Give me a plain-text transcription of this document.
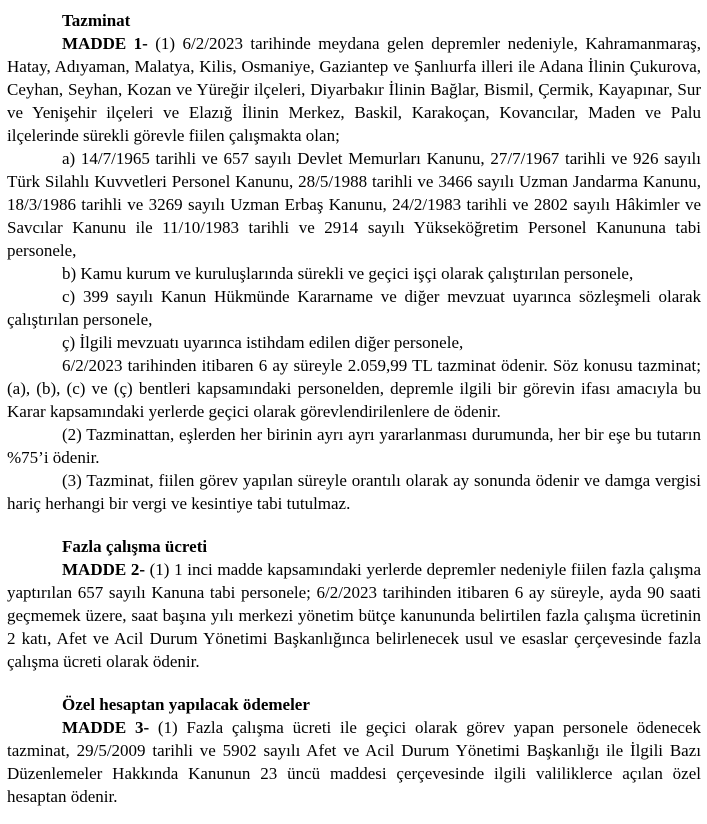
Tazminat

MADDE 1- (1) 6/2/2023 tarihinde meydana gelen depremler nedeniyle, Kahramanmaraş, Hatay, Adıyaman, Malatya, Kilis, Osmaniye, Gaziantep ve Şanlıurfa illeri ile Adana İlinin Çukurova, Ceyhan, Seyhan, Kozan ve Yüreğir ilçeleri, Diyarbakır İlinin Bağlar, Bismil, Çermik, Kayapınar, Sur ve Yenişehir ilçeleri ve Elazığ İlinin Merkez, Baskil, Karakoçan, Kovancılar, Maden ve Palu ilçelerinde sürekli görevle fiilen çalışmakta olan;

a) 14/7/1965 tarihli ve 657 sayılı Devlet Memurları Kanunu, 27/7/1967 tarihli ve 926 sayılı Türk Silahlı Kuvvetleri Personel Kanunu, 28/5/1988 tarihli ve 3466 sayılı Uzman Jandarma Kanunu, 18/3/1986 tarihli ve 3269 sayılı Uzman Erbaş Kanunu, 24/2/1983 tarihli ve 2802 sayılı Hâkimler ve Savcılar Kanunu ile 11/10/1983 tarihli ve 2914 sayılı Yükseköğretim Personel Kanununa tabi personele,

b) Kamu kurum ve kuruluşlarında sürekli ve geçici işçi olarak çalıştırılan personele,

c) 399 sayılı Kanun Hükmünde Kararname ve diğer mevzuat uyarınca sözleşmeli olarak çalıştırılan personele,

ç) İlgili mevzuatı uyarınca istihdam edilen diğer personele,

6/2/2023 tarihinden itibaren 6 ay süreyle 2.059,99 TL tazminat ödenir. Söz konusu tazminat; (a), (b), (c) ve (ç) bentleri kapsamındaki personelden, depremle ilgili bir görevin ifası amacıyla bu Karar kapsamındaki yerlerde geçici olarak görevlendirilenlere de ödenir.

(2) Tazminattan, eşlerden her birinin ayrı ayrı yararlanması durumunda, her bir eşe bu tutarın %75’i ödenir.

(3) Tazminat, fiilen görev yapılan süreyle orantılı olarak ay sonunda ödenir ve damga vergisi hariç herhangi bir vergi ve kesintiye tabi tutulmaz.

Fazla çalışma ücreti

MADDE 2- (1) 1 inci madde kapsamındaki yerlerde depremler nedeniyle fiilen fazla çalışma yaptırılan 657 sayılı Kanuna tabi personele; 6/2/2023 tarihinden itibaren 6 ay süreyle, ayda 90 saati geçmemek üzere, saat başına yılı merkezi yönetim bütçe kanununda belirtilen fazla çalışma ücretinin 2 katı, Afet ve Acil Durum Yönetimi Başkanlığınca belirlenecek usul ve esaslar çerçevesinde fazla çalışma ücreti olarak ödenir.

Özel hesaptan yapılacak ödemeler

MADDE 3- (1) Fazla çalışma ücreti ile geçici olarak görev yapan personele ödenecek tazminat, 29/5/2009 tarihli ve 5902 sayılı Afet ve Acil Durum Yönetimi Başkanlığı ile İlgili Bazı Düzenlemeler Hakkında Kanunun 23 üncü maddesi çerçevesinde ilgili valiliklerce açılan özel hesaptan ödenir.
